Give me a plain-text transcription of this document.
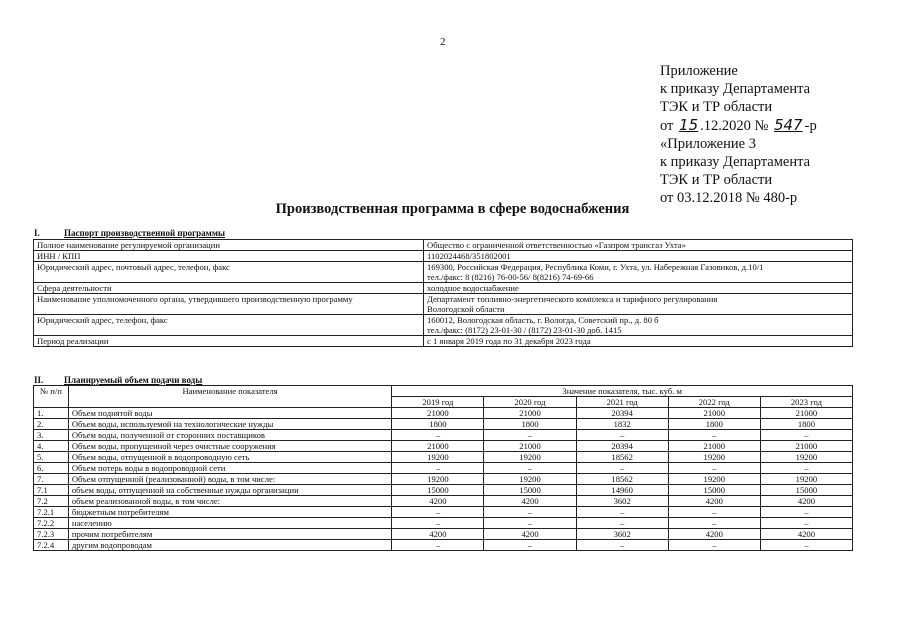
2
Приложение
к приказу Департамента
ТЭК и ТР области
от 15 .12.2020 № 547 -р
«Приложение 3
к приказу Департамента
ТЭК и ТР области
от 03.12.2018 № 480-р
Производственная программа в сфере водоснабжения
I.	Паспорт производственной программы
Полное наименование регулируемой организации	Общество с ограниченной ответственностью «Газпром трансгаз Ухта»

ИНН / КПП	1102024468/351802001

Юридический адрес, почтовый адрес, телефон, факс	169300, Российская Федерация, Республика Коми, г. Ухта, ул. Набережная Газовиков, д.10/1
тел./факс: 8 (8216) 76-00-56/ 8(8216) 74-69-66

Сфера деятельности	холодное водоснабжение

Наименование уполномоченного органа, утвердившего производственную программу	Департамент топливно-энергетического комплекса и тарифного регулирования
Вологодской области

Юридический адрес, телефон, факс	160012, Вологодская область, г. Вологда, Советский пр., д. 80 б
тел./факс: (8172) 23-01-30 / (8172) 23-01-30 доб. 1415

Период реализации	с 1 января 2019 года по 31 декабря 2023 года
II. Планируемый объем подачи воды
№ п/п	Наименование показателя	Значение показателя, тыс. куб. м				
		2019 год	2020 год	2021 год	2022 год	2023 год
1.	Объем поднятой воды	21000	21000	20394	21000	21000
2.	Объем воды, используемой на технологические нужды	1800	1800	1832	1800	1800
3.	Объем воды, полученной от сторонних поставщиков	–	–	–	–	–
4.	Объем воды, пропущенной через очистные сооружения	21000	21000	20394	21000	21000
5.	Объем воды, отпущенной в водопроводную сеть	19200	19200	18562	19200	19200
6.	Объем потерь воды в водопроводной сети	–	–	–	–	–
7.	Объем отпущенной (реализованной) воды, в том числе:	19200	19200	18562	19200	19200
7.1	объем воды, отпущенной на собственные нужды организации	15000	15000	14960	15000	15000
7.2	объем реализованной воды, в том числе:	4200	4200	3602	4200	4200
7.2.1	бюджетным потребителям	–	–	–	–	–
7.2.2	населению	–	–	–	–	–
7.2.3	прочим потребителям	4200	4200	3602	4200	4200
7.2.4	другим водопроводам	–	–	–	–	–
